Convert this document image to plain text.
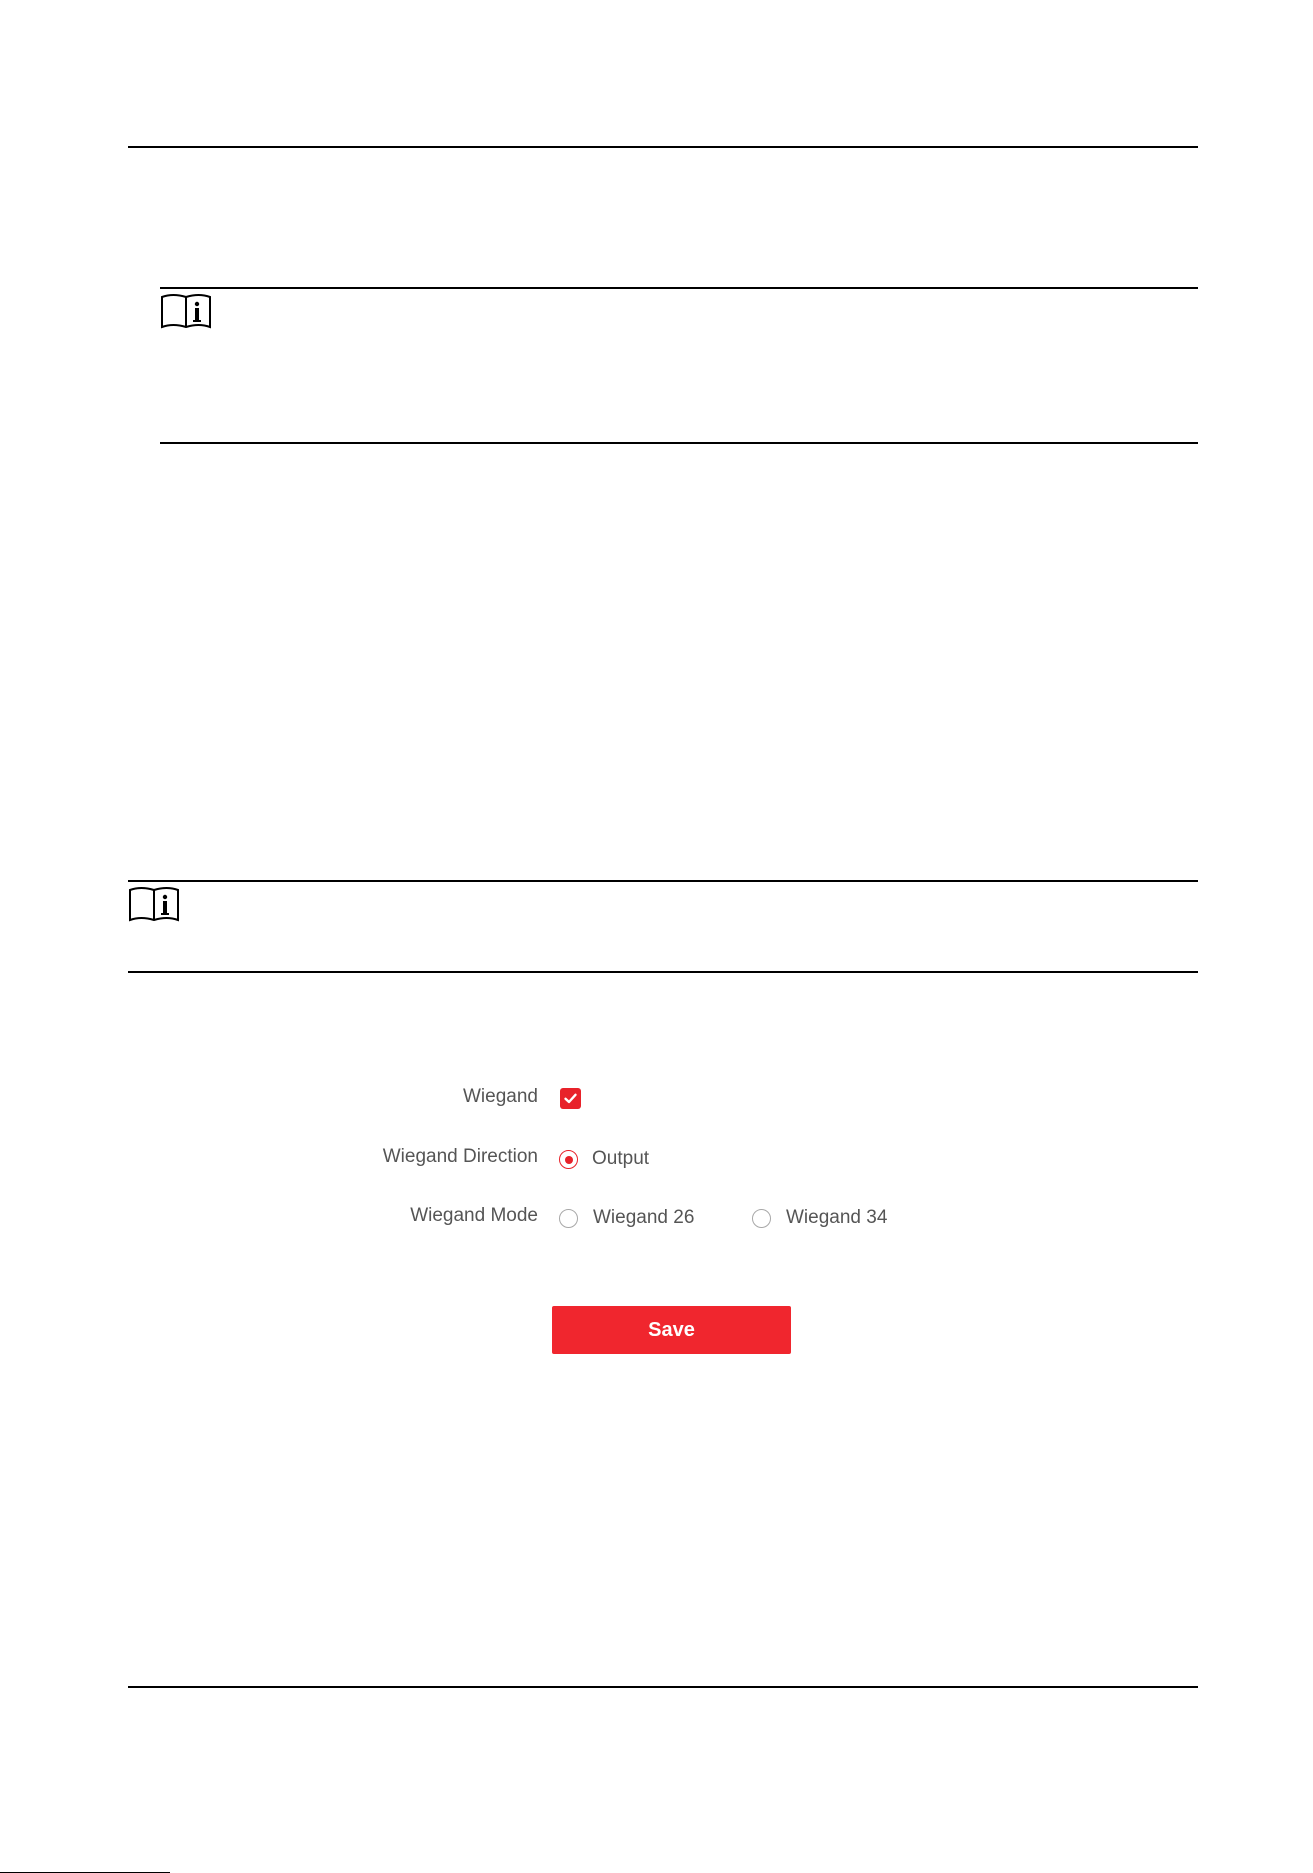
Wiegand
Wiegand Direction	Output
Wiegand Mode	Wiegand 26	Wiegand 34
Save
